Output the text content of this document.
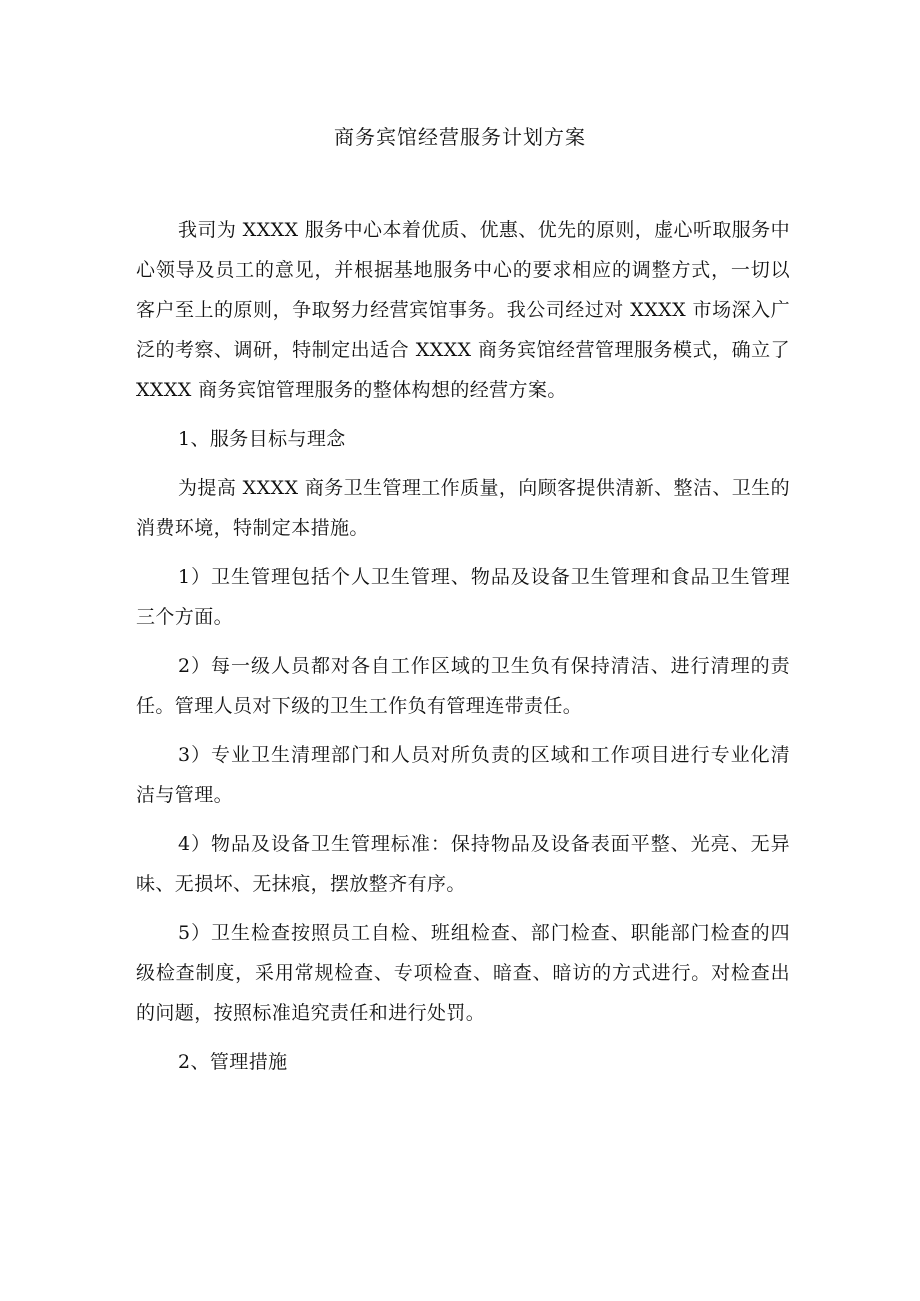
商务宾馆经营服务计划方案

我司为 XXXX 服务中心本着优质、优惠、优先的原则，虚心听取服务中心领导及员工的意见，并根据基地服务中心的要求相应的调整方式，一切以客户至上的原则，争取努力经营宾馆事务。我公司经过对 XXXX 市场深入广泛的考察、调研，特制定出适合 XXXX 商务宾馆经营管理服务模式，确立了 XXXX 商务宾馆管理服务的整体构想的经营方案。

1、服务目标与理念

为提高 XXXX 商务卫生管理工作质量，向顾客提供清新、整洁、卫生的消费环境，特制定本措施。

1）卫生管理包括个人卫生管理、物品及设备卫生管理和食品卫生管理三个方面。

2）每一级人员都对各自工作区域的卫生负有保持清洁、进行清理的责任。管理人员对下级的卫生工作负有管理连带责任。

3）专业卫生清理部门和人员对所负责的区域和工作项目进行专业化清洁与管理。

4）物品及设备卫生管理标准：保持物品及设备表面平整、光亮、无异味、无损坏、无抹痕，摆放整齐有序。

5）卫生检查按照员工自检、班组检查、部门检查、职能部门检查的四级检查制度，采用常规检查、专项检查、暗查、暗访的方式进行。对检查出的问题，按照标准追究责任和进行处罚。

2、管理措施
